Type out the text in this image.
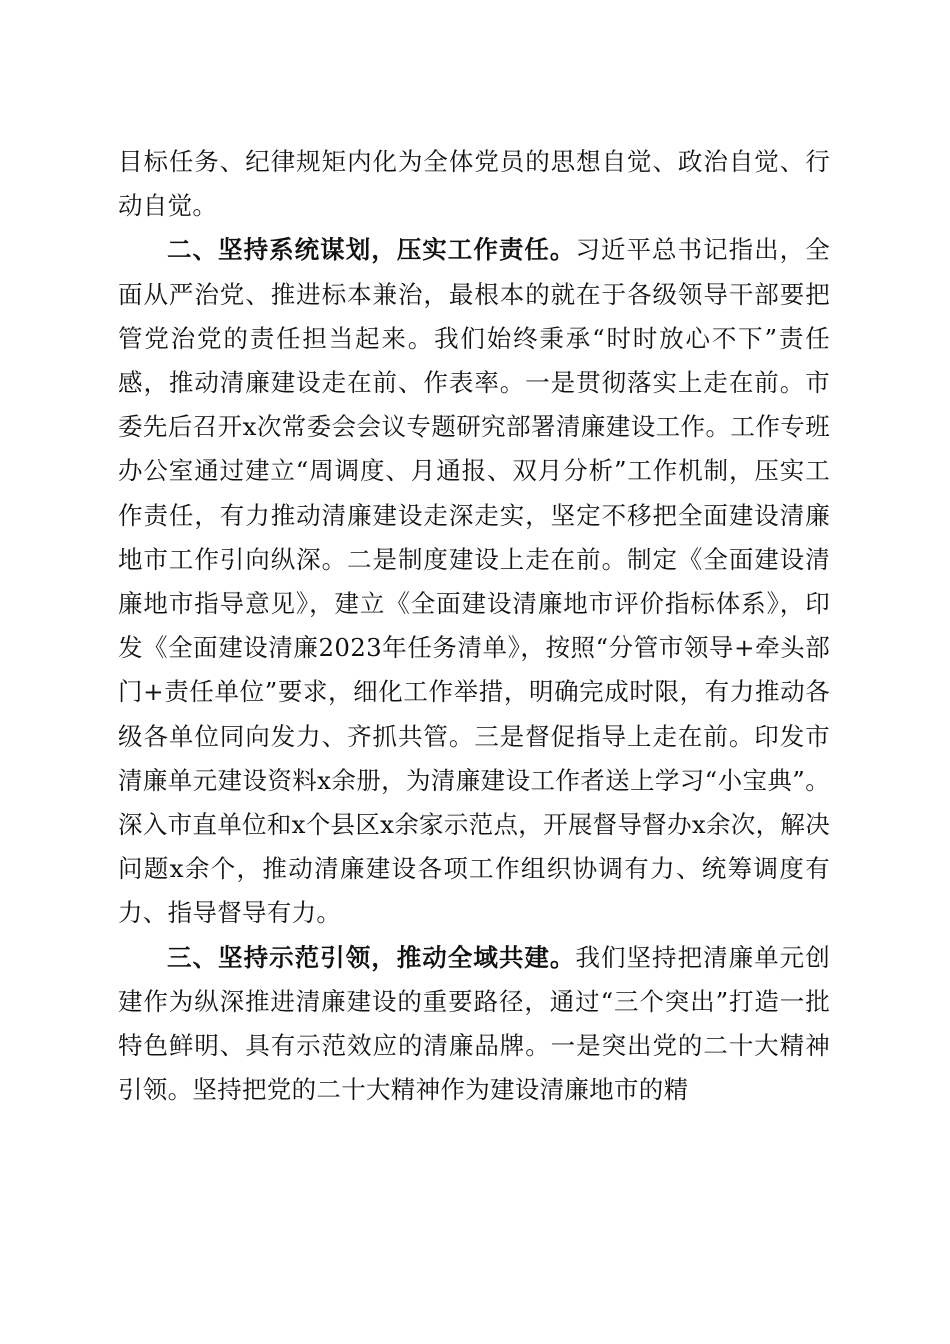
目标任务、纪律规矩内化为全体党员的思想自觉、政治自觉、行动自觉。

二、坚持系统谋划，压实工作责任。习近平总书记指出，全面从严治党、推进标本兼治，最根本的就在于各级领导干部要把管党治党的责任担当起来。我们始终秉承“时时放心不下”责任感，推动清廉建设走在前、作表率。一是贯彻落实上走在前。市委先后召开x次常委会会议专题研究部署清廉建设工作。工作专班办公室通过建立“周调度、月通报、双月分析”工作机制，压实工作责任，有力推动清廉建设走深走实，坚定不移把全面建设清廉地市工作引向纵深。二是制度建设上走在前。制定《全面建设清廉地市指导意见》，建立《全面建设清廉地市评价指标体系》，印发《全面建设清廉2023年任务清单》，按照“分管市领导+牵头部门+责任单位”要求，细化工作举措，明确完成时限，有力推动各级各单位同向发力、齐抓共管。三是督促指导上走在前。印发市清廉单元建设资料x余册，为清廉建设工作者送上学习“小宝典”。深入市直单位和x个县区x余家示范点，开展督导督办x余次，解决问题x余个，推动清廉建设各项工作组织协调有力、统筹调度有力、指导督导有力。

三、坚持示范引领，推动全域共建。我们坚持把清廉单元创建作为纵深推进清廉建设的重要路径，通过“三个突出”打造一批特色鲜明、具有示范效应的清廉品牌。一是突出党的二十大精神引领。坚持把党的二十大精神作为建设清廉地市的精
